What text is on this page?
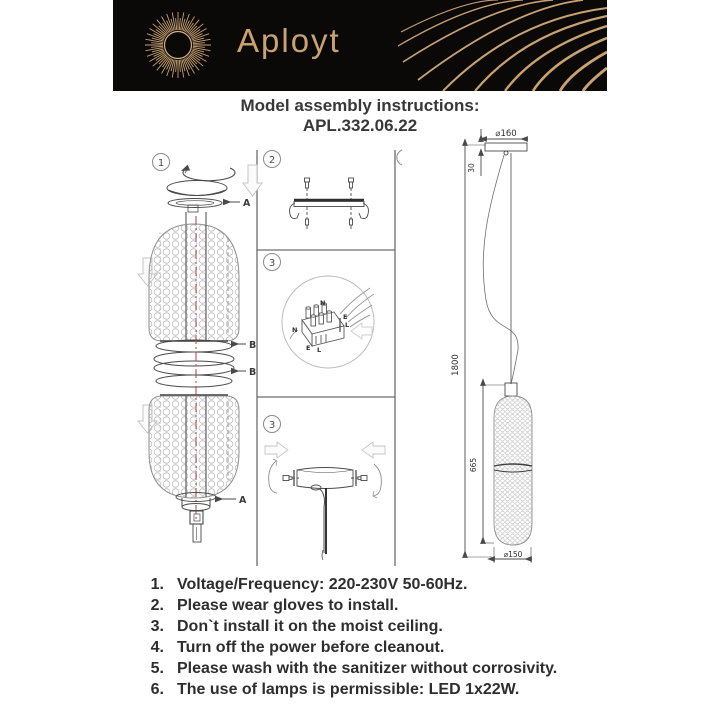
Aployt
Model assembly instructions:
APL.332.06.22
1	2
3
3
A
B
B
A
N
E
L
N
E L
⌀160
30
1800
665
⌀150
1. Voltage/Frequency: 220-230V 50-60Hz.
2. Please wear gloves to install.
3. Don`t install it on the moist ceiling.
4. Turn off the power before cleanout.
5. Please wash with the sanitizer without corrosivity.
6. The use of lamps is permissible: LED 1x22W.
